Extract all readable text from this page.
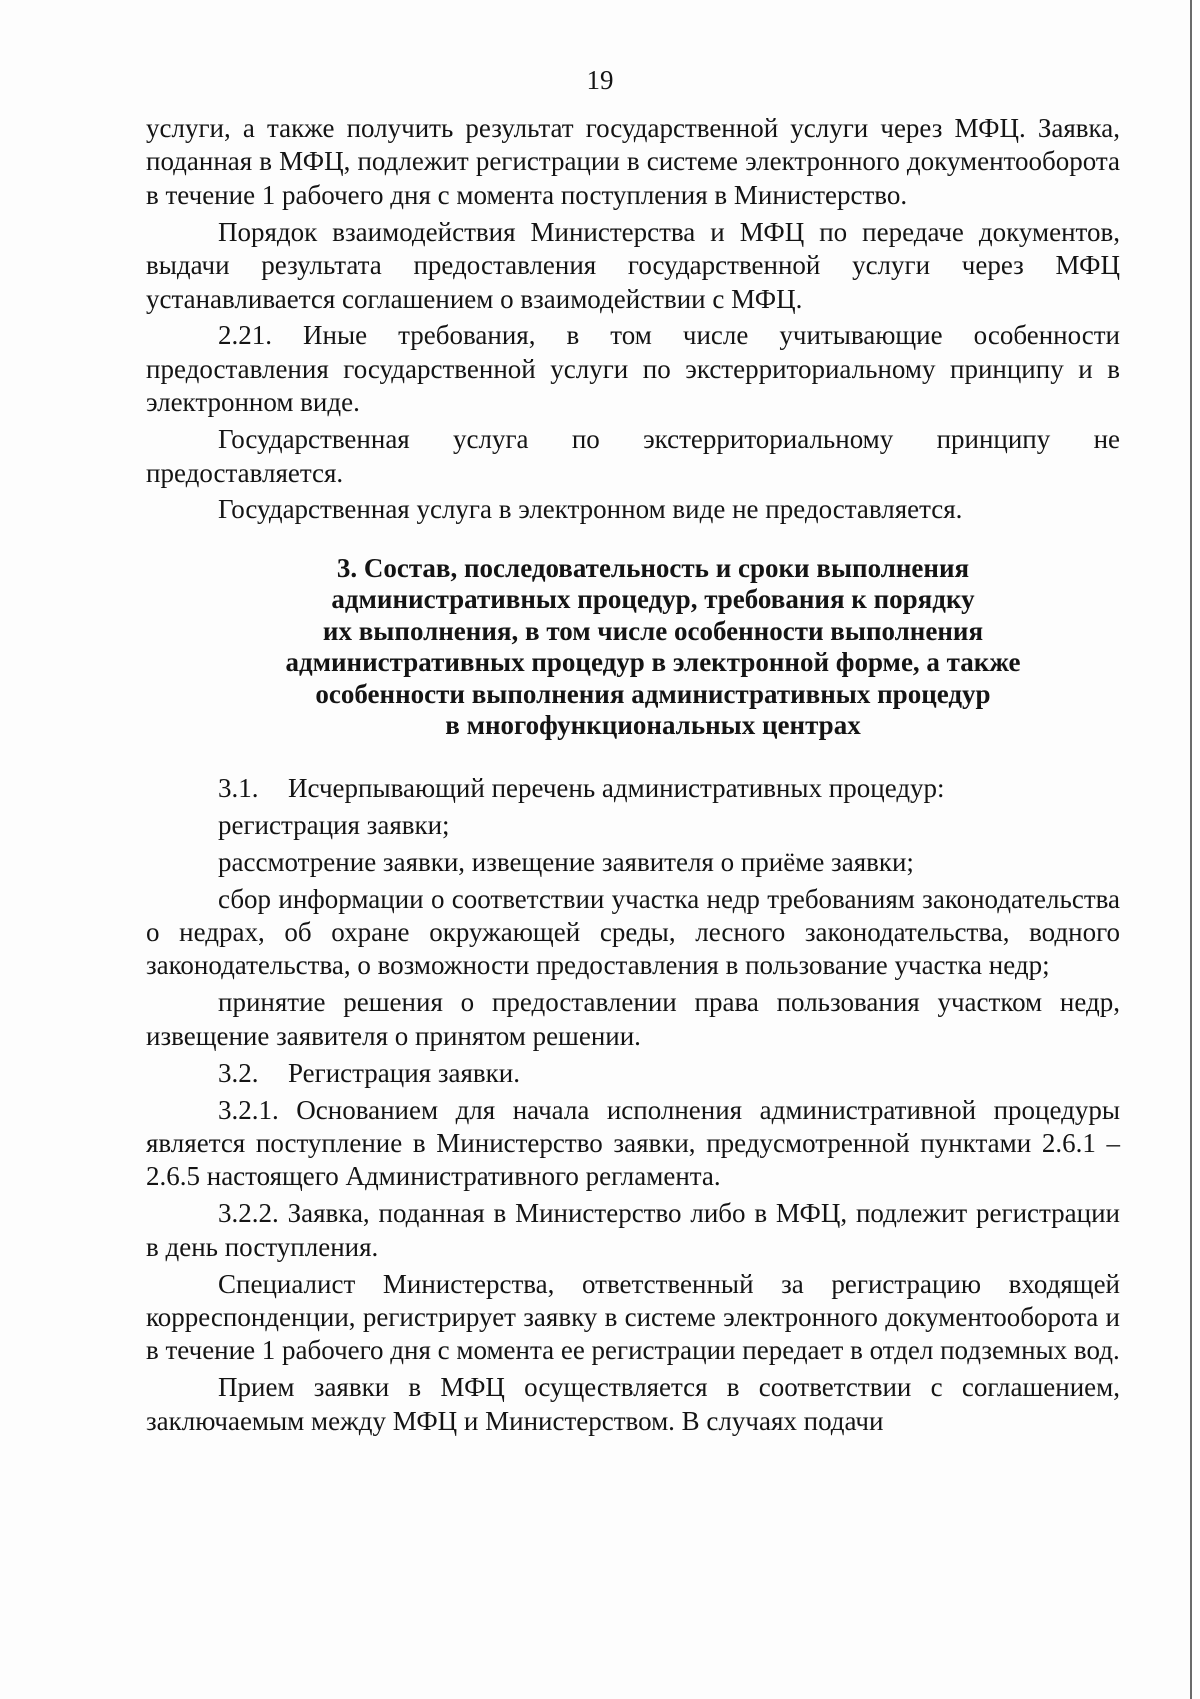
19

услуги, а также получить результат государственной услуги через МФЦ. Заявка, поданная в МФЦ, подлежит регистрации в системе электронного документооборота в течение 1 рабочего дня с момента поступления в Министерство.

Порядок взаимодействия Министерства и МФЦ по передаче документов, выдачи результата предоставления государственной услуги через МФЦ устанавливается соглашением о взаимодействии с МФЦ.

2.21. Иные требования, в том числе учитывающие особенности предоставления государственной услуги по экстерриториальному принципу и в электронном виде.

Государственная услуга по экстерриториальному принципу не предоставляется.

Государственная услуга в электронном виде не предоставляется.

3. Состав, последовательность и сроки выполнения
административных процедур, требования к порядку
их выполнения, в том числе особенности выполнения
административных процедур в электронной форме, а также
особенности выполнения административных процедур
в многофункциональных центрах

3.1. Исчерпывающий перечень административных процедур:

регистрация заявки;

рассмотрение заявки, извещение заявителя о приёме заявки;

сбор информации о соответствии участка недр требованиям законодательства о недрах, об охране окружающей среды, лесного законодательства, водного законодательства, о возможности предоставления в пользование участка недр;

принятие решения о предоставлении права пользования участком недр, извещение заявителя о принятом решении.

3.2. Регистрация заявки.

3.2.1. Основанием для начала исполнения административной процедуры является поступление в Министерство заявки, предусмотренной пунктами 2.6.1 – 2.6.5 настоящего Административного регламента.

3.2.2. Заявка, поданная в Министерство либо в МФЦ, подлежит регистрации в день поступления.

Специалист Министерства, ответственный за регистрацию входящей корреспонденции, регистрирует заявку в системе электронного документооборота и в течение 1 рабочего дня с момента ее регистрации передает в отдел подземных вод.

Прием заявки в МФЦ осуществляется в соответствии с соглашением, заключаемым между МФЦ и Министерством. В случаях подачи
